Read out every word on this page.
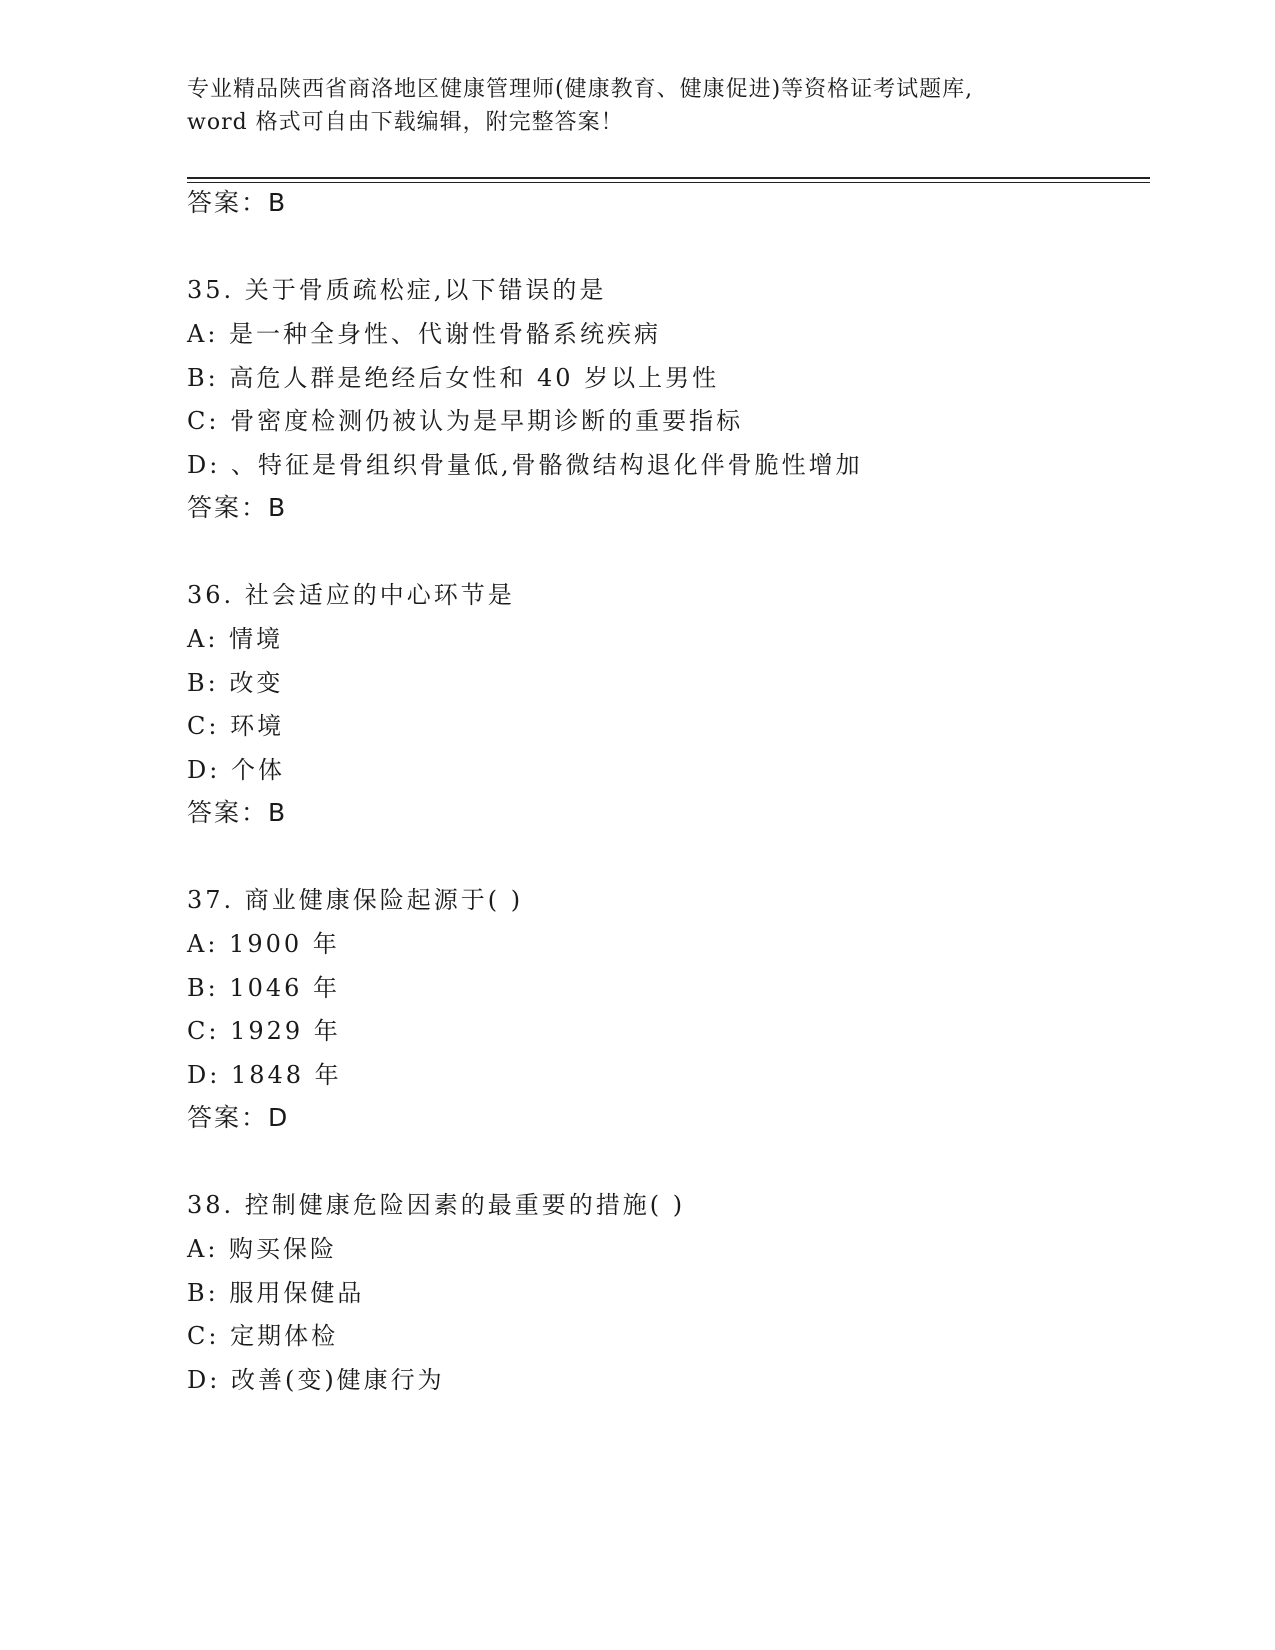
专业精品陕西省商洛地区健康管理师(健康教育、健康促进)等资格证考试题库,
word 格式可自由下载编辑，附完整答案！
答案：B
35. 关于骨质疏松症,以下错误的是
A: 是一种全身性、代谢性骨骼系统疾病
B: 高危人群是绝经后女性和 40 岁以上男性
C: 骨密度检测仍被认为是早期诊断的重要指标
D: 、特征是骨组织骨量低,骨骼微结构退化伴骨脆性增加
答案：B
36. 社会适应的中心环节是
A: 情境
B: 改变
C: 环境
D: 个体
答案：B
37. 商业健康保险起源于( )
A: 1900 年
B: 1046 年
C: 1929 年
D: 1848 年
答案：D
38. 控制健康危险因素的最重要的措施( )
A: 购买保险
B: 服用保健品
C: 定期体检
D: 改善(变)健康行为
